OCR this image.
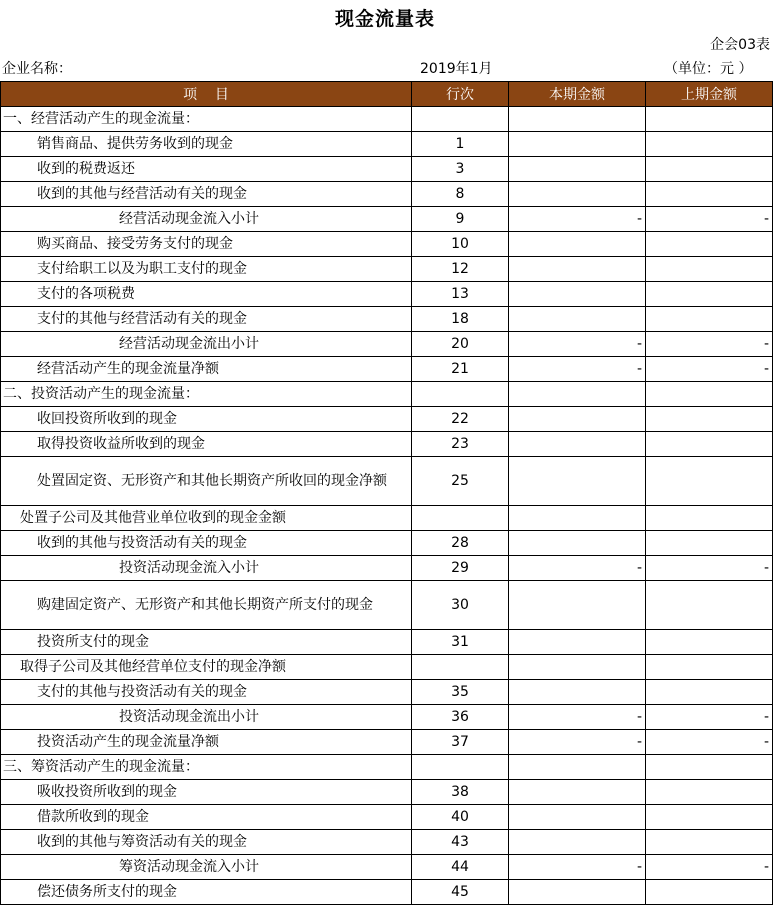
现金流量表
企会03表
企业名称：	2019年1月	（单位：元 ）
项    目	行次	本期金额	上期金额
一、经营活动产生的现金流量：			
销售商品、提供劳务收到的现金	1		
收到的税费返还	3		
收到的其他与经营活动有关的现金	8		
经营活动现金流入小计	9	-	-
购买商品、接受劳务支付的现金	10		
支付给职工以及为职工支付的现金	12		
支付的各项税费	13		
支付的其他与经营活动有关的现金	18		
经营活动现金流出小计	20	-	-
经营活动产生的现金流量净额	21	-	-
二、投资活动产生的现金流量：			
收回投资所收到的现金	22		
取得投资收益所收到的现金	23		
处置固定资、无形资产和其他长期资产所收回的现金净额	25		
处置子公司及其他营业单位收到的现金金额			
收到的其他与投资活动有关的现金	28		
投资活动现金流入小计	29	-	-
购建固定资产、无形资产和其他长期资产所支付的现金	30		
投资所支付的现金	31		
取得子公司及其他经营单位支付的现金净额			
支付的其他与投资活动有关的现金	35		
投资活动现金流出小计	36	-	-
投资活动产生的现金流量净额	37	-	-
三、筹资活动产生的现金流量：			
吸收投资所收到的现金	38		
借款所收到的现金	40		
收到的其他与筹资活动有关的现金	43		
筹资活动现金流入小计	44	-	-
偿还债务所支付的现金	45		
